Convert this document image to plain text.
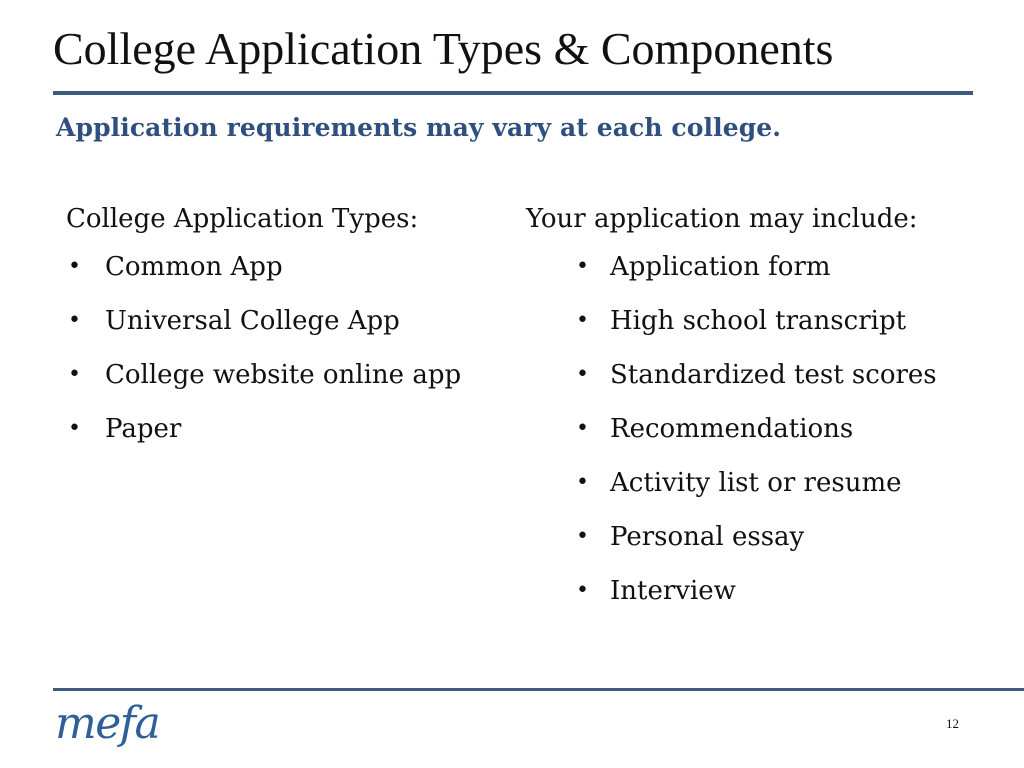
College Application Types & Components
Application requirements may vary at each college.
College Application Types:
• Common App
• Universal College App
• College website online app
• Paper
Your application may include:
• Application form
• High school transcript
• Standardized test scores
• Recommendations
• Activity list or resume
• Personal essay
• Interview
mefa	12
